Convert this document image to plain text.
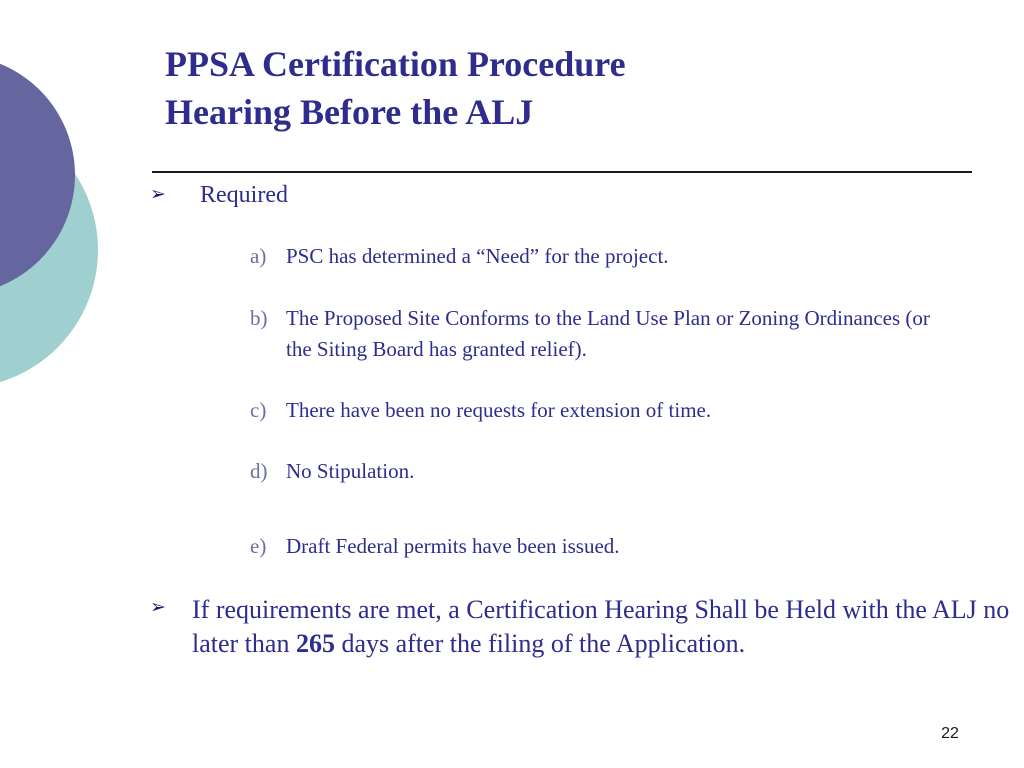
PPSA Certification Procedure
Hearing Before the ALJ
➢ Required
a) PSC has determined a “Need” for the project.
b) The Proposed Site Conforms to the Land Use Plan or Zoning Ordinances (or the Siting Board has granted relief).
c) There have been no requests for extension of time.
d) No Stipulation.
e) Draft Federal permits have been issued.
➢ If requirements are met, a Certification Hearing Shall be Held with the ALJ no later than 265 days after the filing of the Application.
22
